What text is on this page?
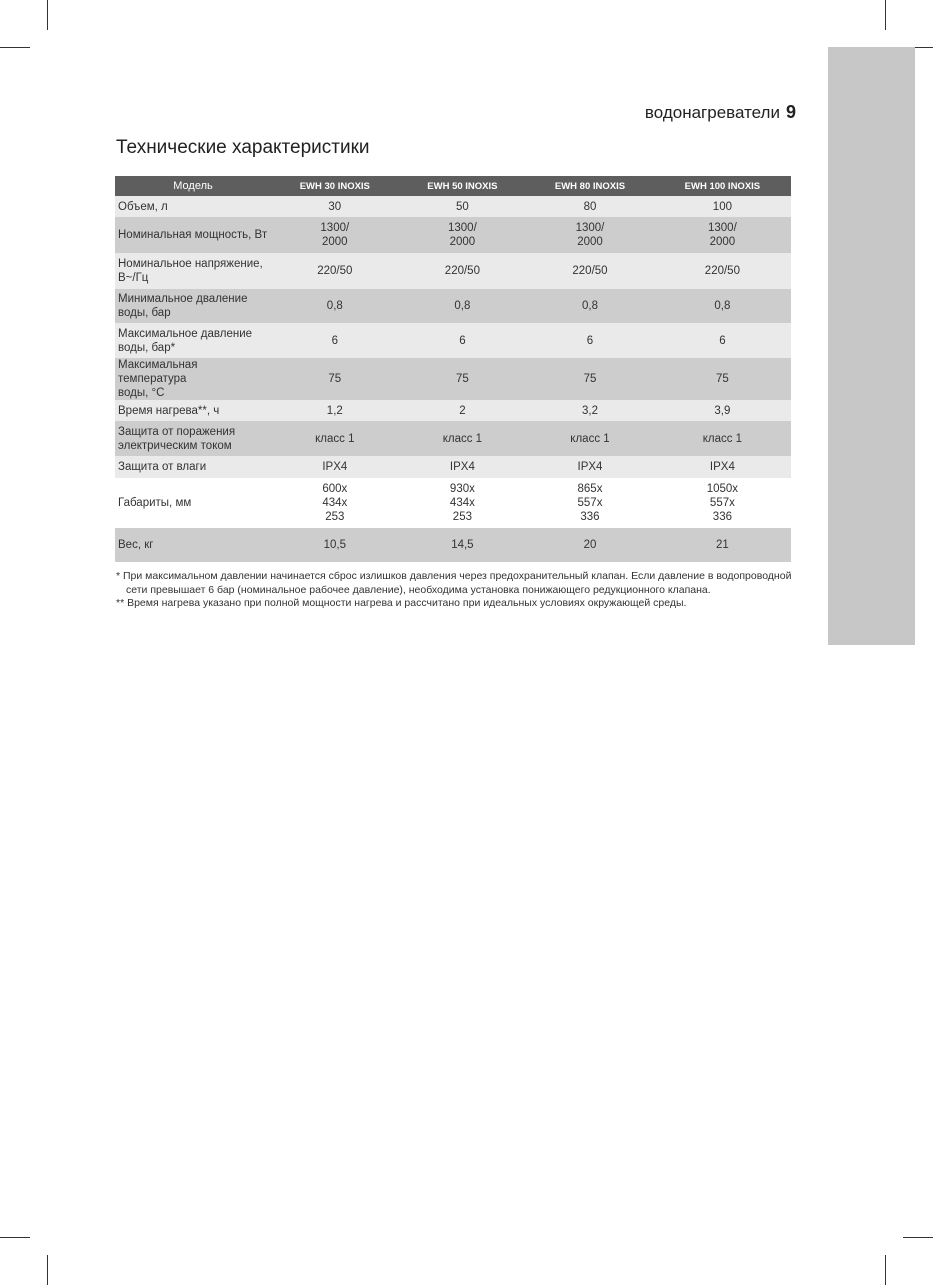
водонагреватели 9
Технические характеристики
Модель	EWH 30 INOXIS	EWH 50 INOXIS	EWH 80 INOXIS	EWH 100 INOXIS
Объем, л	30	50	80	100
Номинальная мощность, Вт	1300/
2000	1300/
2000	1300/
2000	1300/
2000
Номинальное напряжение,
В~/Гц	220/50	220/50	220/50	220/50
Минимальное дваление
воды, бар	0,8	0,8	0,8	0,8
Максимальное давление
воды, бар*	6	6	6	6
Максимальная температура
воды, °С	75	75	75	75
Время нагрева**, ч	1,2	2	3,2	3,9
Защита от поражения
электрическим током	класс 1	класс 1	класс 1	класс 1
Защита от влаги	IPX4	IPX4	IPX4	IPX4
Габариты, мм	600x
434x
253	930x
434x
253	865x
557x
336	1050x
557x
336
Вес, кг	10,5	14,5	20	21

* При максимальном давлении начинается сброс излишков давления через предохранительный клапан. Если давление в водопроводной сети превышает 6 бар (номинальное рабочее давление), необходима установка понижающего редукционного клапана.

** Время нагрева указано при полной мощности нагрева и рассчитано при идеальных условиях окружающей среды.
